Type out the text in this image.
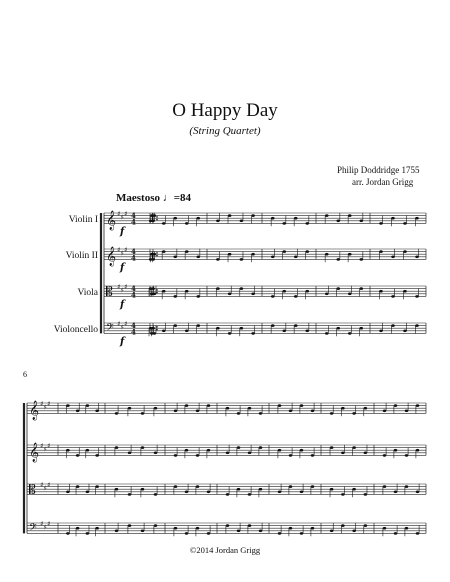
O Happy Day
(String Quartet)
Philip Doddridge 1755
arr. Jordan Grigg
Maestoso ♩=84
Violin I
Violin II
Viola
Violoncello
6
©2014 Jordan Grigg
𝄞 ♯ ♯ ♯ 4
4
f
𝄞 ♯ ♯ ♯ 4
4
f
𝄡 ♯ ♯ ♯ 4
4
f
𝄢 ♯ ♯ ♯ 4
4
f
𝄞 ♯ ♯ ♯
𝄞 ♯ ♯ ♯
𝄡 ♯ ♯ ♯
𝄢 ♯ ♯ ♯
